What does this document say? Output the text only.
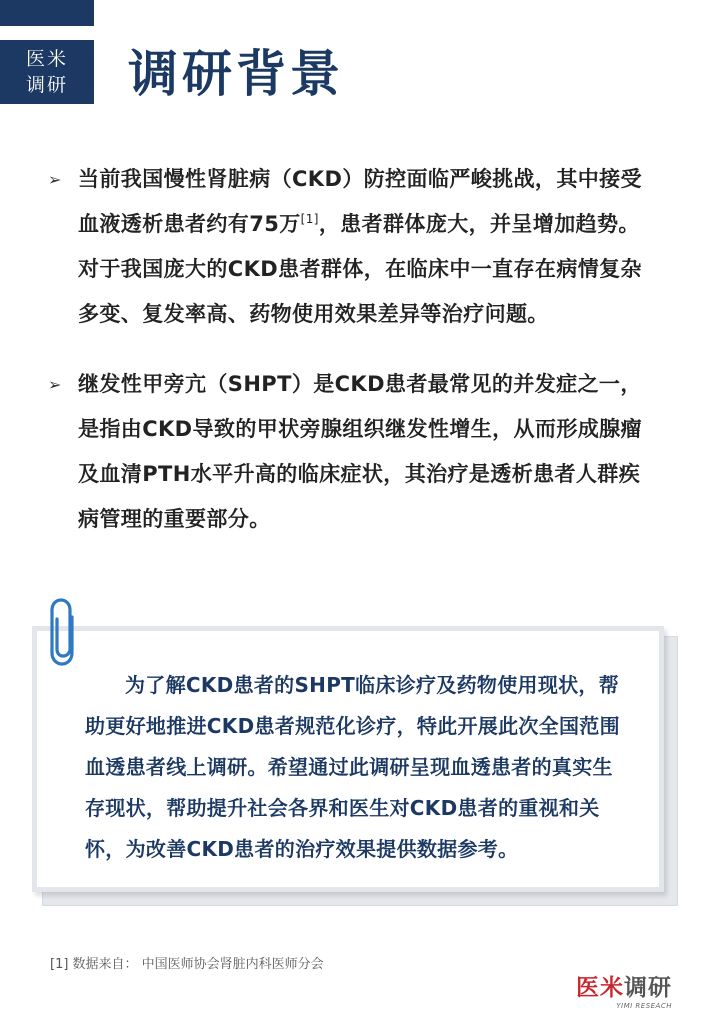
医米
调研 调研背景
➢ 当前我国慢性肾脏病（CKD）防控面临严峻挑战，其中接受血液透析患者约有75万[1]，患者群体庞大，并呈增加趋势。对于我国庞大的CKD患者群体，在临床中一直存在病情复杂多变、复发率高、药物使用效果差异等治疗问题。
➢ 继发性甲旁亢（SHPT）是CKD患者最常见的并发症之一，是指由CKD导致的甲状旁腺组织继发性增生，从而形成腺瘤及血清PTH水平升高的临床症状，其治疗是透析患者人群疾病管理的重要部分。

为了解CKD患者的SHPT临床诊疗及药物使用现状，帮助更好地推进CKD患者规范化诊疗，特此开展此次全国范围血透患者线上调研。希望通过此调研呈现血透患者的真实生存现状，帮助提升社会各界和医生对CKD患者的重视和关怀，为改善CKD患者的治疗效果提供数据参考。

[1] 数据来自： 中国医师协会肾脏内科医师分会

医米调研
YIMI RESEACH
